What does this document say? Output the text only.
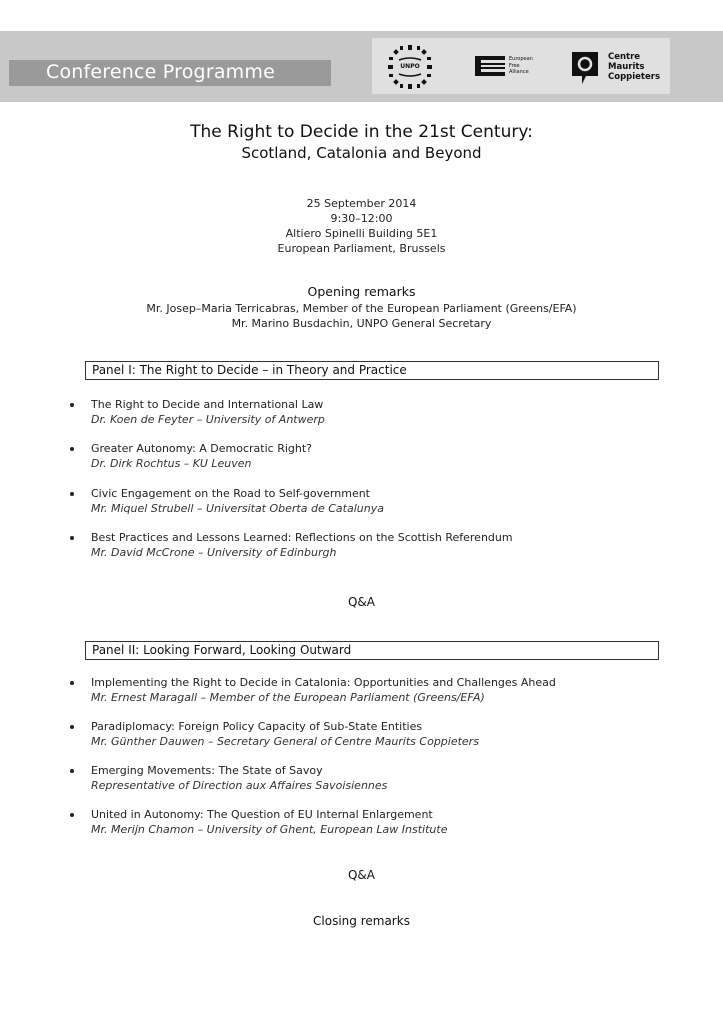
Conference Programme	UNPO
European
Free
Alliance
Centre
Maurits
Coppieters
The Right to Decide in the 21st Century:
Scotland, Catalonia and Beyond
25 September 2014
9:30–12:00
Altiero Spinelli Building 5E1
European Parliament, Brussels
Opening remarks
Mr. Josep–Maria Terricabras, Member of the European Parliament (Greens/EFA)
Mr. Marino Busdachin, UNPO General Secretary
Panel I: The Right to Decide – in Theory and Practice
The Right to Decide and International Law
Dr. Koen de Feyter – University of Antwerp
Greater Autonomy: A Democratic Right?
Dr. Dirk Rochtus – KU Leuven
Civic Engagement on the Road to Self-government
Mr. Miquel Strubell – Universitat Oberta de Catalunya
Best Practices and Lessons Learned: Reflections on the Scottish Referendum
Mr. David McCrone – University of Edinburgh
Q&A
Panel II: Looking Forward, Looking Outward
Implementing the Right to Decide in Catalonia: Opportunities and Challenges Ahead
Mr. Ernest Maragall – Member of the European Parliament (Greens/EFA)
Paradiplomacy: Foreign Policy Capacity of Sub-State Entities
Mr. Günther Dauwen – Secretary General of Centre Maurits Coppieters
Emerging Movements: The State of Savoy
Representative of Direction aux Affaires Savoisiennes
United in Autonomy: The Question of EU Internal Enlargement
Mr. Merijn Chamon – University of Ghent, European Law Institute
Q&A
Closing remarks
